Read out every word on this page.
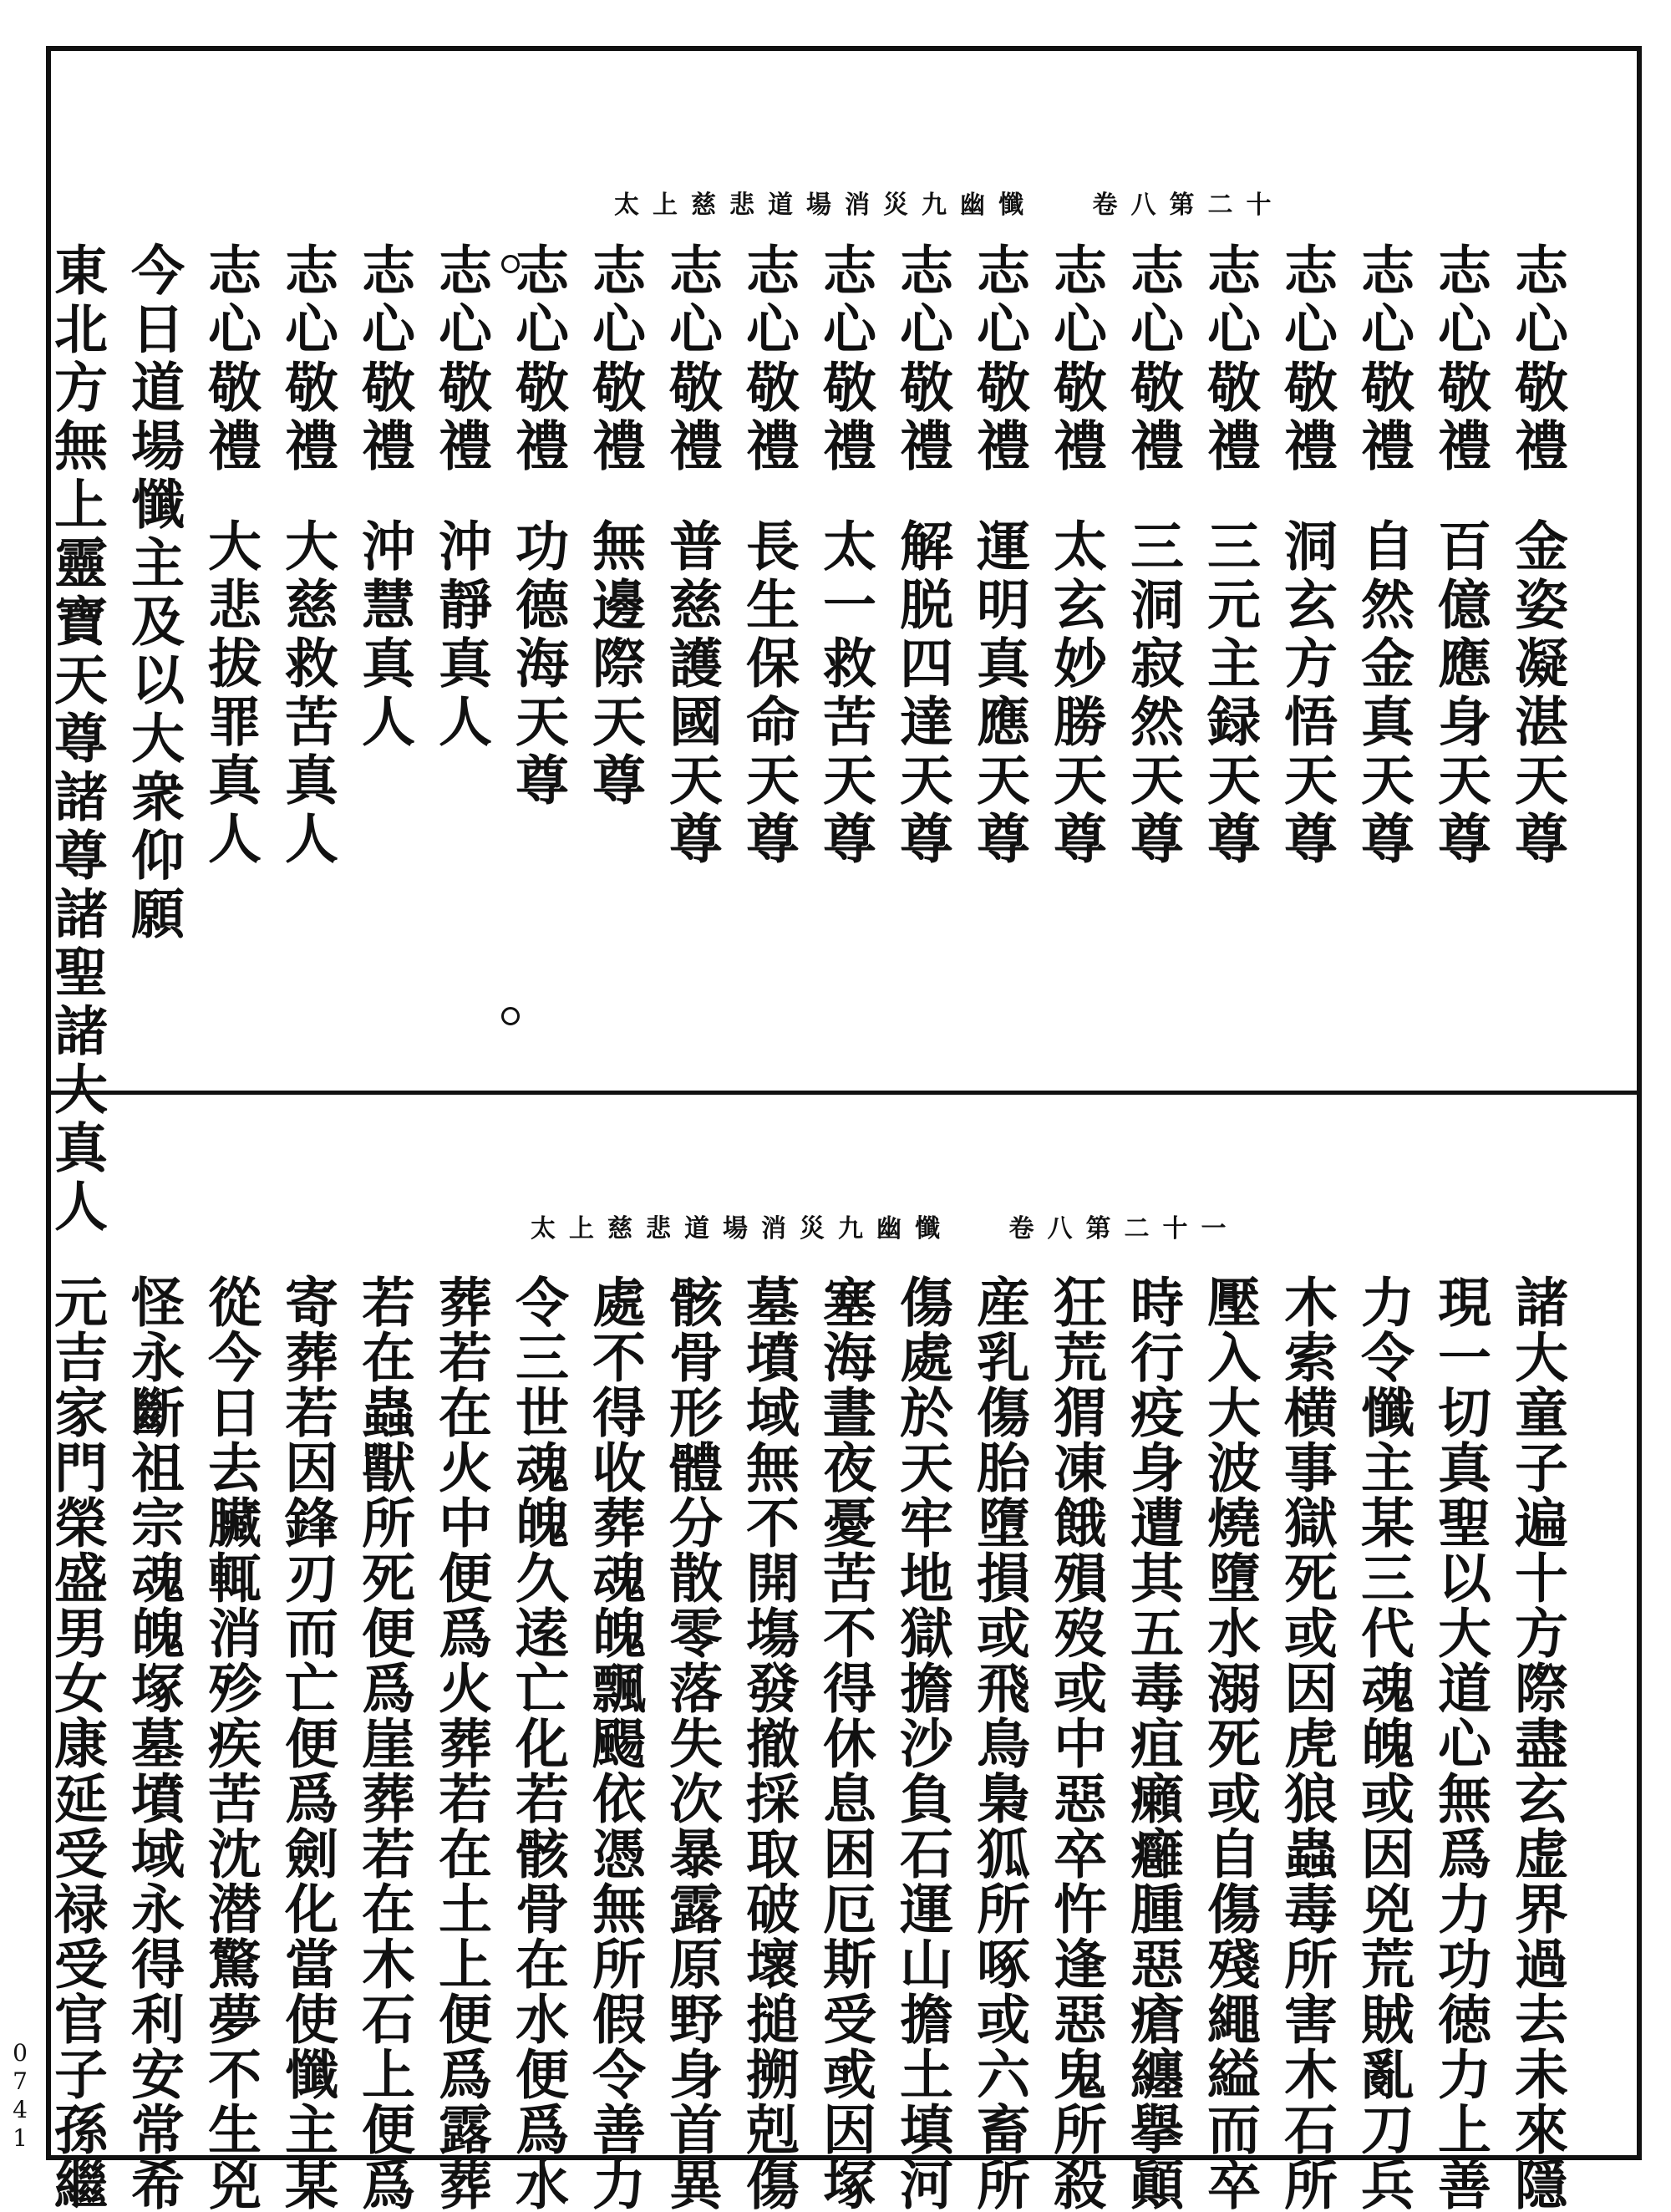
0
7
4
1
太上慈悲道場消災九幽懺 卷八第二十
志心敬禮金姿凝湛天尊
志心敬禮百億應身天尊
志心敬禮自然金真天尊
志心敬禮洞玄方悟天尊
志心敬禮三元主録天尊
志心敬禮三洞寂然天尊
志心敬禮太玄妙勝天尊
志心敬禮運明真應天尊
志心敬禮解脱四達天尊
志心敬禮太一救苦天尊
志心敬禮長生保命天尊
志心敬禮普慈護國天尊
志心敬禮無邊際天尊
志心敬禮功德海天尊
志心敬禮沖靜真人
志心敬禮沖慧真人
志心敬禮大慈救苦真人
志心敬禮大悲拔罪真人
今日道場懺主及以大衆仰願
東北方無上靈寶天尊諸尊諸聖諸大真人	太上慈悲道場消災九幽懺 卷八第二十一
諸大童子遍十方際盡玄虚界過去未來隱
現一切真聖以大道心無爲力功徳力上善
力令懺主某三代魂魄或因兇荒賊亂刀兵
木索横事獄死或因虎狼蟲毒所害木石所
壓入大波燒墮水溺死或自傷殘繩縊而卒
時行疫身遭其五毒疽癩癰腫惡瘡纏擧顚
狂荒猬凍餓殞歿或中惡卒忤逢惡鬼所殺
産乳傷胎墮損或飛鳥梟狐所啄或六畜所
傷處於天牢地獄擔沙負石運山擔土填河
塞海晝夜憂苦不得休息困厄斯受或因塚
墓墳域無不開塲發撤採取破壞搥搠剋傷
骸骨形體分散零落失次暴露原野身首異
處不得收葬魂魄飄颺依憑無所假令善力
令三世魂魄久逺亡化若骸骨在水便爲水
葬若在火中便爲火葬若在土上便爲露葬
若在蟲獸所死便爲崖葬若在木石上便爲
寄葬若因鋒刃而亡便爲劍化當使懺主某
從今日去臟輒消殄疾苦沈潜驚夢不生兇
怪永斷祖宗魂魄塚墓墳域永得利安常希
元吉家門榮盛男女康延受禄受官子孫繼
